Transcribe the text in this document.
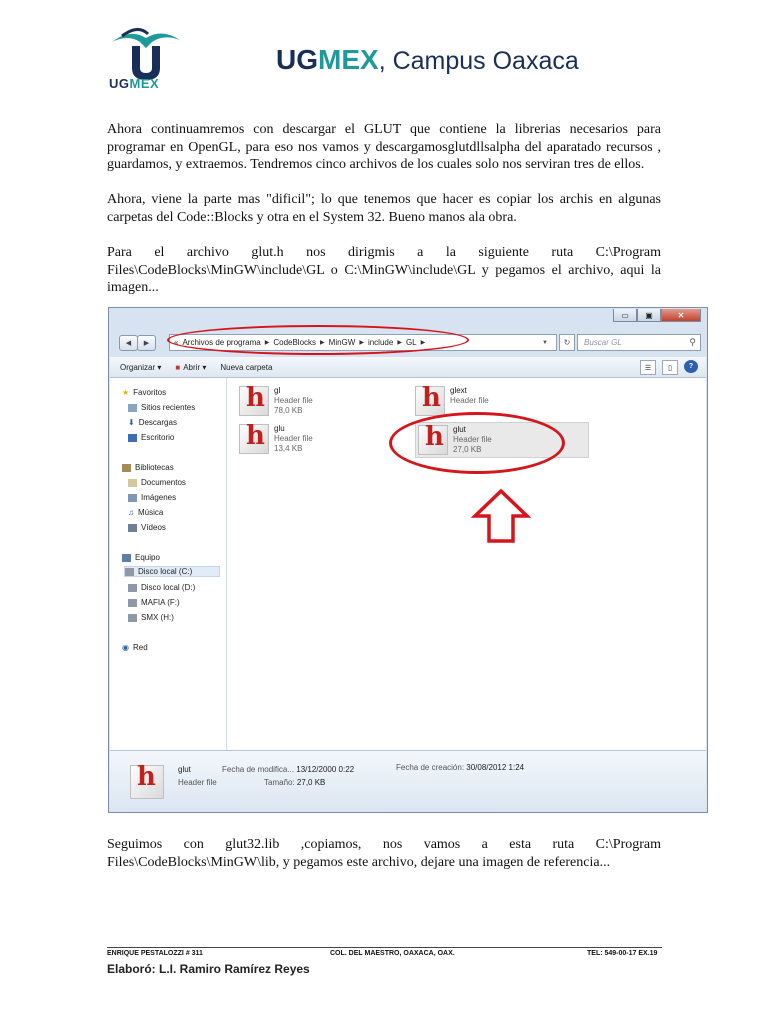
UGMEX
UGMEX, Campus Oaxaca

Ahora continuamremos con descargar el GLUT que contiene la librerias necesarios para programar en OpenGL, para eso nos vamos y descargamosglutdllsalpha del aparatado recursos , guardamos, y extraemos. Tendremos cinco archivos de los cuales solo nos serviran tres de ellos.

Ahora, viene la parte mas "dificil"; lo que tenemos que hacer es copiar los archis en algunas carpetas del Code::Blocks y otra en el System 32. Bueno manos ala obra.

Para el archivo glut.h nos dirigmis a la siguiente ruta C:\Program Files\CodeBlocks\MinGW\include\GL o C:\MinGW\include\GL y pegamos el archivo, aqui la imagen...

▭	▣	✕
◀ ▶	« Archivos de programa ▶ CodeBlocks ▶ MinGW ▶ include ▶ GL ▶	▼ ↻ Buscar GL	⚲
Organizar ▾ ■ Abrir ▾ Nueva carpeta	☰	▯	?
★ Favoritos
Sitios recientes
⬇ Descargas
Escritorio
Bibliotecas
Documentos
Imágenes
♫ Música
Vídeos
Equipo
Disco local (C:)
Disco local (D:)
MAFIA (F:)
SMX (H:)
◉ Red
h
gl
Header file
78,0 KB
h
glext
Header file
h
glu
Header file
13,4 KB
h
glut
Header file
27,0 KB
h
glut
Header file
Fecha de modifica... 13/12/2000 0:22
Tamaño: 27,0 KB
Fecha de creación: 30/08/2012 1:24

Seguimos con glut32.lib ,copiamos, nos vamos a esta ruta C:\Program Files\CodeBlocks\MinGW\lib, y pegamos este archivo, dejare una imagen de referencia...

ENRIQUE PESTALOZZI # 311	COL. DEL MAESTRO, OAXACA, OAX.	TEL: 549-00-17 EX.19
Elaboró: L.I. Ramiro Ramírez Reyes
